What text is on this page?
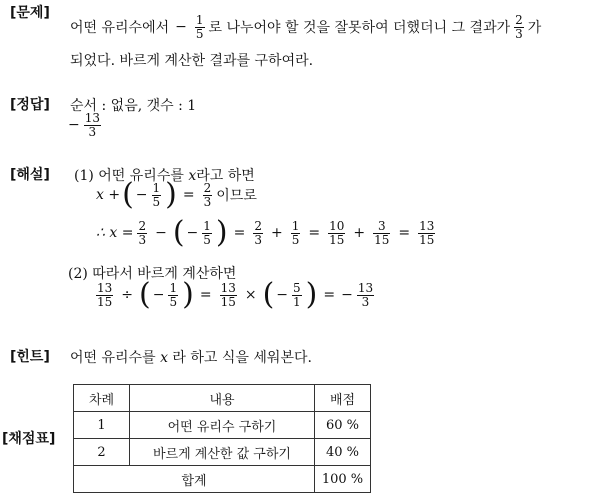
[문제]
어떤 유리수에서 − $\frac{1}{5}$ 로 나누어야 할 것을 잘못하여 더했더니 그 결과가 $\frac{2}{3}$ 가
되었다. 바르게 계산한 결과를 구하여라.
[정답] 순서 : 없음, 갯수 : 1
− $\frac{13}{3}$
[해설] (1) 어떤 유리수를 x라고 하면
x + ( − $\frac{1}{5}$ ) = $\frac{2}{3}$ 이므로
∴ $x = \frac{2}{3}$ − ( − $\frac{1}{5}$ ) = $\frac{2}{3} + \frac{1}{5} = \frac{10}{15} + \frac{3}{15} = \frac{13}{15}$
(2) 따라서 바르게 계산하면
$\frac{13}{15}$ ÷ ( − $\frac{1}{5}$ ) = $\frac{13}{15}$ × ( − $\frac{5}{1}$ ) = − $\frac{13}{3}$
[힌트] 어떤 유리수를 x 라 하고 식을 세워본다.
[채점표]
차례	내용	배점
1	어떤 유리수 구하기	60 %
2	바르게 계산한 값 구하기	40 %
합계		100 %
